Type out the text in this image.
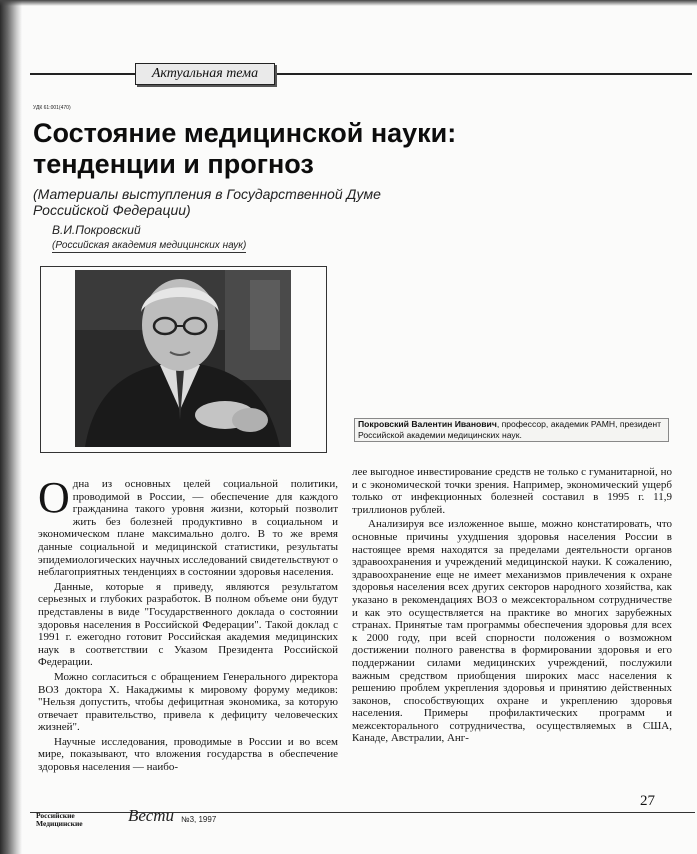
Актуальная тема
УДК 61:001(470)
Состояние медицинской науки: тенденции и прогноз
(Материалы выступления в Государственной Думе Российской Федерации)
В.И.Покровский
(Российская академия медицинских наук)
Покровский Валентин Иванович, профессор, академик РАМН, президент Российской академии медицинских наук.

Одна из основных целей социальной политики, проводимой в России, — обеспечение для каждого гражданина такого уровня жизни, который позволит жить без болезней продуктивно в социальном и экономическом плане максимально долго. В то же время данные социальной и медицинской статистики, результаты эпидемиологических научных исследований свидетельствуют о неблагоприятных тенденциях в состоянии здоровья населения.

Данные, которые я приведу, являются результатом серьезных и глубоких разработок. В полном объеме они будут представлены в виде "Государственного доклада о состоянии здоровья населения в Российской Федерации". Такой доклад с 1991 г. ежегодно готовит Российская академия медицинских наук в соответствии с Указом Президента Российской Федерации.

Можно согласиться с обращением Генерального директора ВОЗ доктора Х. Накаджимы к мировому форуму медиков: "Нельзя допустить, чтобы дефицитная экономика, за которую отвечает правительство, привела к дефициту человеческих жизней".

Научные исследования, проводимые в России и во всем мире, показывают, что вложения государства в обеспечение здоровья населения — наибо-

лее выгодное инвестирование средств не только с гуманитарной, но и с экономической точки зрения. Например, экономический ущерб только от инфекционных болезней составил в 1995 г. 11,9 триллионов рублей.

Анализируя все изложенное выше, можно констатировать, что основные причины ухудшения здоровья населения России в настоящее время находятся за пределами деятельности органов здравоохранения и учреждений медицинской науки. К сожалению, здравоохранение еще не имеет механизмов привлечения к охране здоровья населения всех других секторов народного хозяйства, как указано в рекомендациях ВОЗ о межсекторальном сотрудничестве и как это осуществляется на практике во многих зарубежных странах. Принятые там программы обеспечения здоровья для всех к 2000 году, при всей спорности положения о возможном достижении полного равенства в формировании здоровья и его поддержании силами медицинских учреждений, послужили важным средством приобщения широких масс населения к решению проблем укрепления здоровья и принятию действенных законов, способствующих охране и укреплению здоровья населения. Примеры профилактических программ и межсекторального сотрудничества, осуществляемых в США, Канаде, Австралии, Анг-

Российские
Медицинские	Вести №3, 1997
27
